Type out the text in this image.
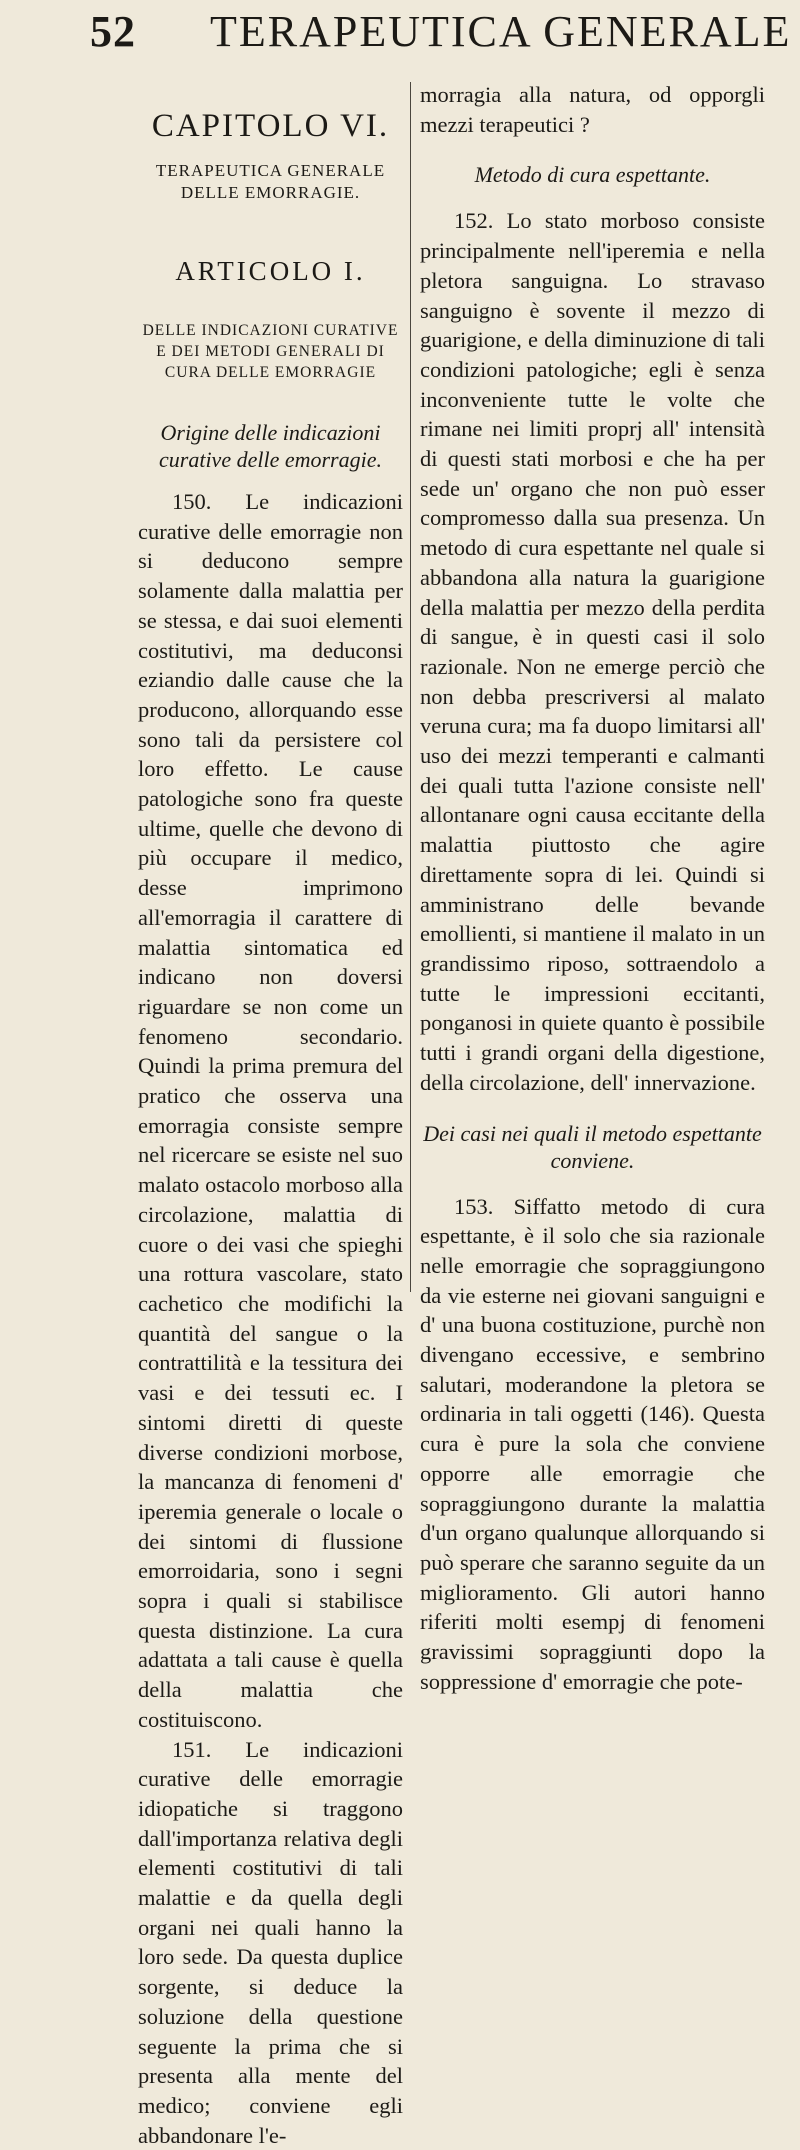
52 TERAPEUTICA GENERALE
CAPITOLO VI.
TERAPEUTICA GENERALE DELLE EMORRAGIE.
ARTICOLO I.
DELLE INDICAZIONI CURATIVE E DEI METODI GENERALI DI CURA DELLE EMORRAGIE
Origine delle indicazioni curative delle emorragie.

150. Le indicazioni curative delle emorragie non si deducono sempre solamente dalla malattia per se stessa, e dai suoi elementi costitutivi, ma deduconsi eziandio dalle cause che la producono, allorquando esse sono tali da persistere col loro effetto. Le cause patologiche sono fra queste ultime, quelle che devono di più occupare il medico, desse imprimono all'emorragia il carattere di malattia sintomatica ed indicano non doversi riguardare se non come un fenomeno secondario. Quindi la prima premura del pratico che osserva una emorragia consiste sempre nel ricercare se esiste nel suo malato ostacolo morboso alla circolazione, malattia di cuore o dei vasi che spieghi una rottura vascolare, stato cachetico che modifichi la quantità del sangue o la contrattilità e la tessitura dei vasi e dei tessuti ec. I sintomi diretti di queste diverse condizioni morbose, la mancanza di fenomeni d' iperemia generale o locale o dei sintomi di flussione emorroidaria, sono i segni sopra i quali si stabilisce questa distinzione. La cura adattata a tali cause è quella della malattia che costituiscono.

151. Le indicazioni curative delle emorragie idiopatiche si traggono dall'importanza relativa degli elementi costitutivi di tali malattie e da quella degli organi nei quali hanno la loro sede. Da questa duplice sorgente, si deduce la soluzione della questione seguente la prima che si presenta alla mente del medico; conviene egli abbandonare l'e-

morragia alla natura, od opporgli mezzi terapeutici ?

Metodo di cura espettante.

152. Lo stato morboso consiste principalmente nell'iperemia e nella pletora sanguigna. Lo stravaso sanguigno è sovente il mezzo di guarigione, e della diminuzione di tali condizioni patologiche; egli è senza inconveniente tutte le volte che rimane nei limiti proprj all' intensità di questi stati morbosi e che ha per sede un' organo che non può esser compromesso dalla sua presenza. Un metodo di cura espettante nel quale si abbandona alla natura la guarigione della malattia per mezzo della perdita di sangue, è in questi casi il solo razionale. Non ne emerge perciò che non debba prescriversi al malato veruna cura; ma fa duopo limitarsi all' uso dei mezzi temperanti e calmanti dei quali tutta l'azione consiste nell' allontanare ogni causa eccitante della malattia piuttosto che agire direttamente sopra di lei. Quindi si amministrano delle bevande emollienti, si mantiene il malato in un grandissimo riposo, sottraendolo a tutte le impressioni eccitanti, ponganosi in quiete quanto è possibile tutti i grandi organi della digestione, della circolazione, dell' innervazione.

Dei casi nei quali il metodo espettante conviene.

153. Siffatto metodo di cura espettante, è il solo che sia razionale nelle emorragie che sopraggiungono da vie esterne nei giovani sanguigni e d' una buona costituzione, purchè non divengano eccessive, e sembrino salutari, moderandone la pletora se ordinaria in tali oggetti (146). Questa cura è pure la sola che conviene opporre alle emorragie che sopraggiungono durante la malattia d'un organo qualunque allorquando si può sperare che saranno seguite da un miglioramento. Gli autori hanno riferiti molti esempj di fenomeni gravissimi sopraggiunti dopo la soppressione d' emorragie che pote-
